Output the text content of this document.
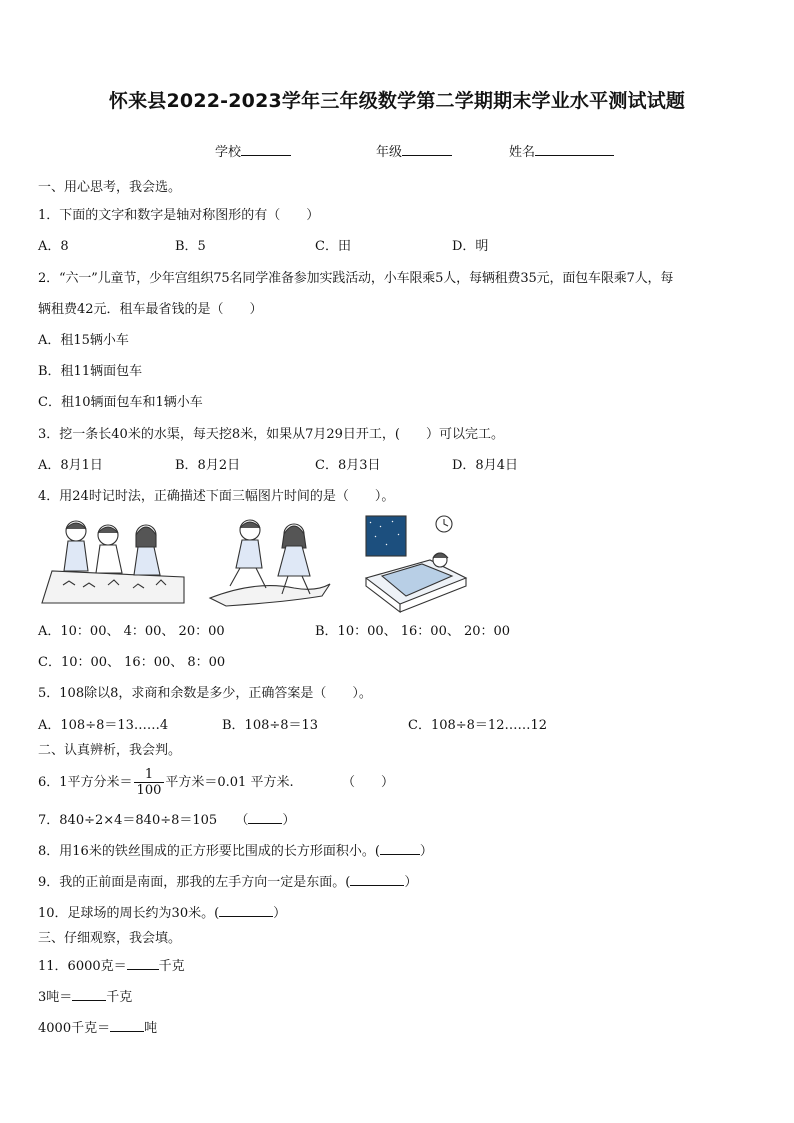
怀来县2022-2023学年三年级数学第二学期期末学业水平测试试题
学校	年级	姓名
一、用心思考，我会选。
1．下面的文字和数字是轴对称图形的有（　　）
A．8	B．5	C．田	D．明
2．“六一”儿童节，少年宫组织75名同学准备参加实践活动，小车限乘5人，每辆租费35元，面包车限乘7人，每
辆租费42元．租车最省钱的是（　　）
A．租15辆小车
B．租11辆面包车
C．租10辆面包车和1辆小车
3．挖一条长40米的水渠，每天挖8米，如果从7月29日开工，(　　）可以完工。
A．8月1日	B．8月2日	C．8月3日	D．8月4日
4．用24时记时法，正确描述下面三幅图片时间的是（　　）。
A．10：00、 4：00、 20：00	B．10：00、 16：00、 20：00
C．10：00、 16：00、 8：00
5．108除以8，求商和余数是多少，正确答案是（　　）。
A．108÷8＝13……4	B．108÷8＝13	C．108÷8＝12……12
二、认真辨析，我会判。
6．1平方分米＝ $\frac{1}{100}$ 平方米＝0.01 平方米.	（　　）
7．840÷2×4＝840÷8＝105 （	）
8．用16米的铁丝围成的正方形要比围成的长方形面积小。(	）
9．我的正前面是南面，那我的左手方向一定是东面。(	）
10．足球场的周长约为30米。(	）
三、仔细观察，我会填。
11．6000克＝ 千克
3吨＝	千克
4000千克＝	吨
